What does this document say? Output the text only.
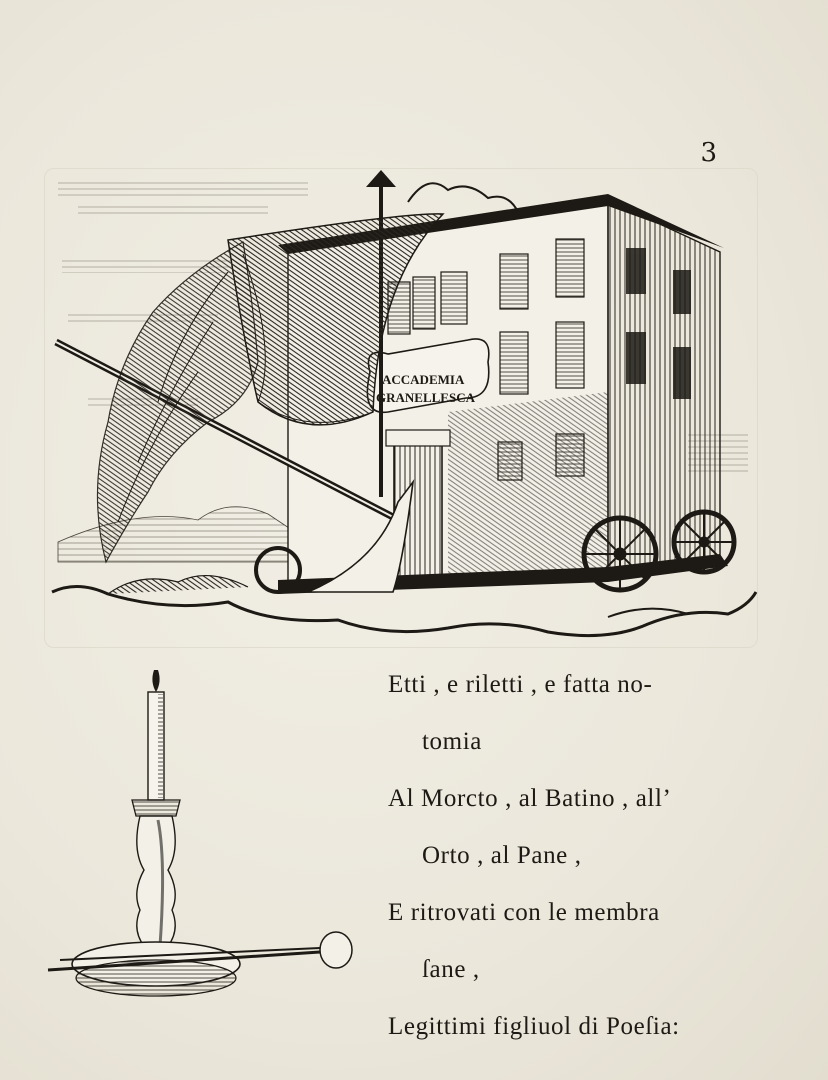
3
ACCADEMIA
GRANELLESCA
Etti , e riletti , e fatta no-
tomia
Al Morcto , al Batino , all’
Orto , al Pane ,
E ritrovati con le membra
ſane ,
Legittimi figliuol di Poeſia:
